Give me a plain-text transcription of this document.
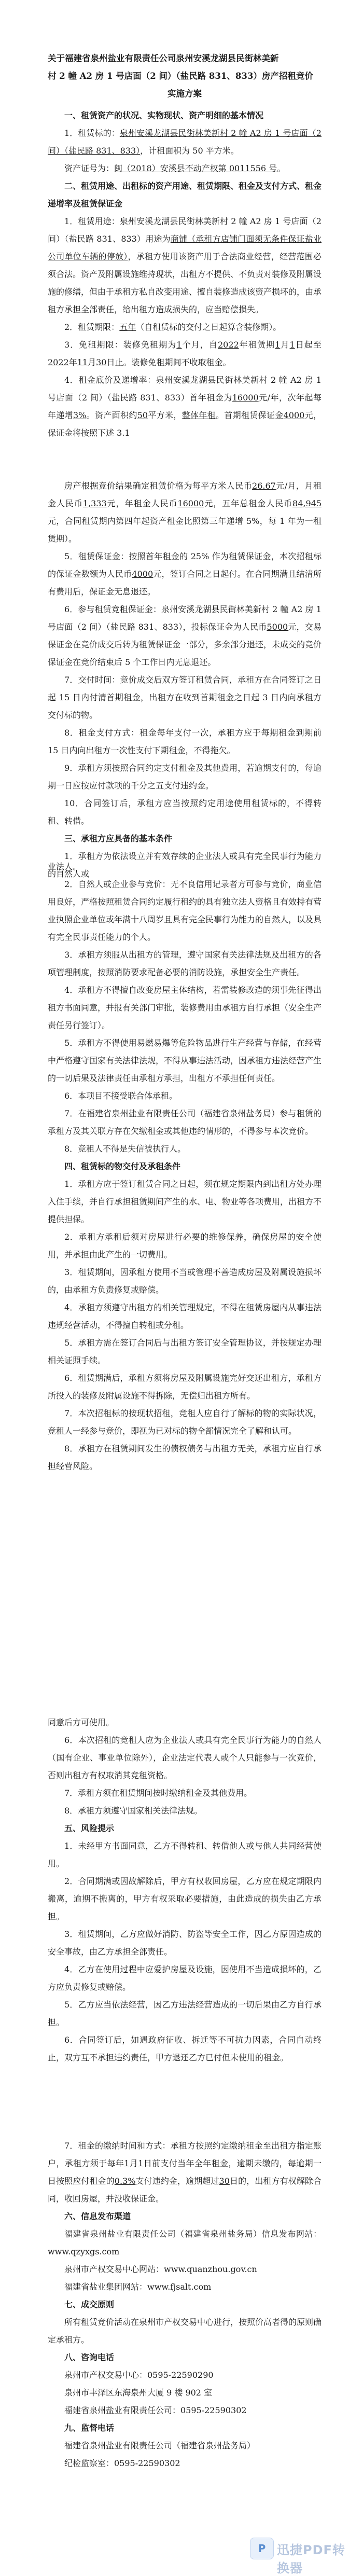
关于福建省泉州盐业有限责任公司泉州安溪龙湖县民街林美新
村 2 幢 A2 房 1 号店面（2 间）（盐民路 831、833）房产招租竞价
实施方案

一、租赁资产的状况、实物现状、资产明细的基本情况

1．租赁标的：泉州安溪龙湖县民街林美新村 2 幢 A2 房 1 号店面（2 间）（盐民路 831、833），计租面积为 50 平方米。

资产证号为：闽（2018）安溪县不动产权第 0011556 号。

二、租赁用途、出租标的资产用途、租赁期限、租金及支付方式、租金递增率及租赁保证金

1．租赁用途：泉州安溪龙湖县民街林美新村 2 幢 A2 房 1 号店面（2 间）（盐民路 831、833）用途为商铺（承租方店铺门面须无条件保证盐业公司单位车辆的停放），承租方使用该资产用于合法商业经营，经营范围必须合法。资产及附属设施维持现状，出租方不提供、不负责对装修及附属设施的修缮，但由于承租方私自改变用途、擅自装修造成该资产损坏的，由承租方承担全部责任，给出租方造成损失的，应当赔偿损失。

2．租赁期限：五年（自租赁标的交付之日起算含装修期）。

3．免租期限：装修免租期为1个月，自2022年租赁期1月1日起至2022年11月30日止。装修免租期间不收取租金。

4．租金底价及递增率：泉州安溪龙湖县民街林美新村 2 幢 A2 房 1 号店面（2 间）（盐民路 831、833）首年租金为16000元/年，次年起每年递增3%。资产面积约50平方米，整体年租。首期租赁保证金4000元，保证金将按照下述 3.1

房产根据竞价结果确定租赁价格为每平方米人民币26.67元/月，月租金人民币1,333元，年租金人民币16000元，五年总租金人民币84,945元，合同租赁期内第四年起资产租金比照第三年递增 5%，每 1 年为一租赁期）。

5．租赁保证金：按照首年租金的 25% 作为租赁保证金，本次招租标的保证金数额为人民币4000元，签订合同之日起付。在合同期满且结清所有费用后，保证金无息退还。

6．参与租赁竞租保证金：泉州安溪龙湖县民街林美新村 2 幢 A2 房 1 号店面（2 间）（盐民路 831、833），投标保证金为人民币5000元，交易保证金在竞价成交后转为租赁保证金一部分，多余部分退还，未成交的竞价保证金在竞价结束后 5 个工作日内无息退还。

7．交付时间：竞价成交后双方签订租赁合同，承租方在合同签订之日起 15 日内付清首期租金，出租方在收到首期租金之日起 3 日内向承租方交付标的物。

8．租金支付方式：租金每年支付一次，承租方应于每期租金到期前 15 日内向出租方一次性支付下期租金，不得拖欠。

9．承租方须按照合同约定支付租金及其他费用，若逾期支付的，每逾期一日应按应付款项的千分之五支付违约金。

10．合同签订后，承租方应当按照约定用途使用租赁标的，不得转租、转借。

三、承租方应具备的基本条件

1．承租方为依法设立并有效存续的企业法人或具有完全民事行为能力的自然人或

业法人。

2．自然人或企业参与竞价：无不良信用记录者方可参与竞价，商业信用良好，严格按照租赁合同约定履行租约的具有独立法人资格且有效持有营业执照企业单位或年满十八周岁且具有完全民事行为能力的自然人，以及具有完全民事责任能力的个人。

3．承租方须服从出租方的管理，遵守国家有关法律法规及出租方的各项管理制度，按照消防要求配备必要的消防设施，承担安全生产责任。

4．承租方不得擅自改变房屋主体结构，若需装修改造的须事先征得出租方书面同意，并报有关部门审批，装修费用由承租方自行承担（安全生产责任另行签订）。

5．承租方不得使用易燃易爆等危险物品进行生产经营与存储，在经营中严格遵守国家有关法律法规，不得从事违法活动，因承租方违法经营产生的一切后果及法律责任由承租方承担，出租方不承担任何责任。

6．本项目不接受联合体承租。

7．在福建省泉州盐业有限责任公司（福建省泉州盐务局）参与租赁的承租方及其关联方存在欠缴租金或其他违约情形的，不得参与本次竞价。

8．竞租人不得是失信被执行人。

四、租赁标的物交付及承租条件

1．承租方应于签订租赁合同之日起，须在规定期限内到出租方处办理入住手续，并自行承担租赁期间产生的水、电、物业等各项费用，出租方不提供担保。

2．承租方承租后须对房屋进行必要的维修保养，确保房屋的安全使用，并承担由此产生的一切费用。

3．租赁期间，因承租方使用不当或管理不善造成房屋及附属设施损坏的，由承租方负责修复或赔偿。

4．承租方须遵守出租方的相关管理规定，不得在租赁房屋内从事违法违规经营活动，不得擅自转租或分租。

5．承租方需在签订合同后与出租方签订安全管理协议，并按规定办理相关证照手续。

6．租赁期满后，承租方须将房屋及附属设施完好交还出租方，承租方所投入的装修及附属设施不得拆除，无偿归出租方所有。

7．本次招租标的按现状招租，竞租人应自行了解标的物的实际状况，竞租人一经参与竞价，即视为已对标的物全部情况完全了解和认可。

8．承租方在租赁期间发生的债权债务与出租方无关，承租方应自行承担经营风险。

同意后方可使用。

6．本次招租的竞租人应为企业法人或具有完全民事行为能力的自然人（国有企业、事业单位除外），企业法定代表人或个人只能参与一次竞价，否则出租方有权取消其竞租资格。

7．承租方须在租赁期间按时缴纳租金及其他费用。

8．承租方须遵守国家相关法律法规。

五、风险提示

1．未经甲方书面同意，乙方不得转租、转借他人或与他人共同经营使用。

2．合同期满或因故解除后，甲方有权收回房屋，乙方应在规定期限内搬离，逾期不搬离的，甲方有权采取必要措施，由此造成的损失由乙方承担。

3．租赁期间，乙方应做好消防、防盗等安全工作，因乙方原因造成的安全事故，由乙方承担全部责任。

4．乙方在使用过程中应爱护房屋及设施，因使用不当造成损坏的，乙方应负责修复或赔偿。

5．乙方应当依法经营，因乙方违法经营造成的一切后果由乙方自行承担。

6．合同签订后，如遇政府征收、拆迁等不可抗力因素，合同自动终止，双方互不承担违约责任，甲方退还乙方已付但未使用的租金。

7．租金的缴纳时间和方式：承租方按照约定缴纳租金至出租方指定账户，承租方须于每年1月1日前支付当年全年租金，逾期未缴的，每逾期一日按照应付租金的0.3%支付违约金，逾期超过30日的，出租方有权解除合同，收回房屋，并没收保证金。

六、信息发布渠道

福建省泉州盐业有限责任公司（福建省泉州盐务局）信息发布网站：www.qzyxgs.com

泉州市产权交易中心网站：www.quanzhou.gov.cn

福建省盐业集团网站：www.fjsalt.com

七、成交原则

所有租赁竞价活动在泉州市产权交易中心进行，按照价高者得的原则确定承租方。

八、咨询电话

泉州市产权交易中心：0595-22590290

泉州市丰泽区东海泉州大厦 9 楼 902 室

福建省泉州盐业有限责任公司：0595-22590302

九、监督电话

福建省泉州盐业有限责任公司（福建省泉州盐务局）

纪检监察室：0595-22590302

P 迅捷PDF转换器
